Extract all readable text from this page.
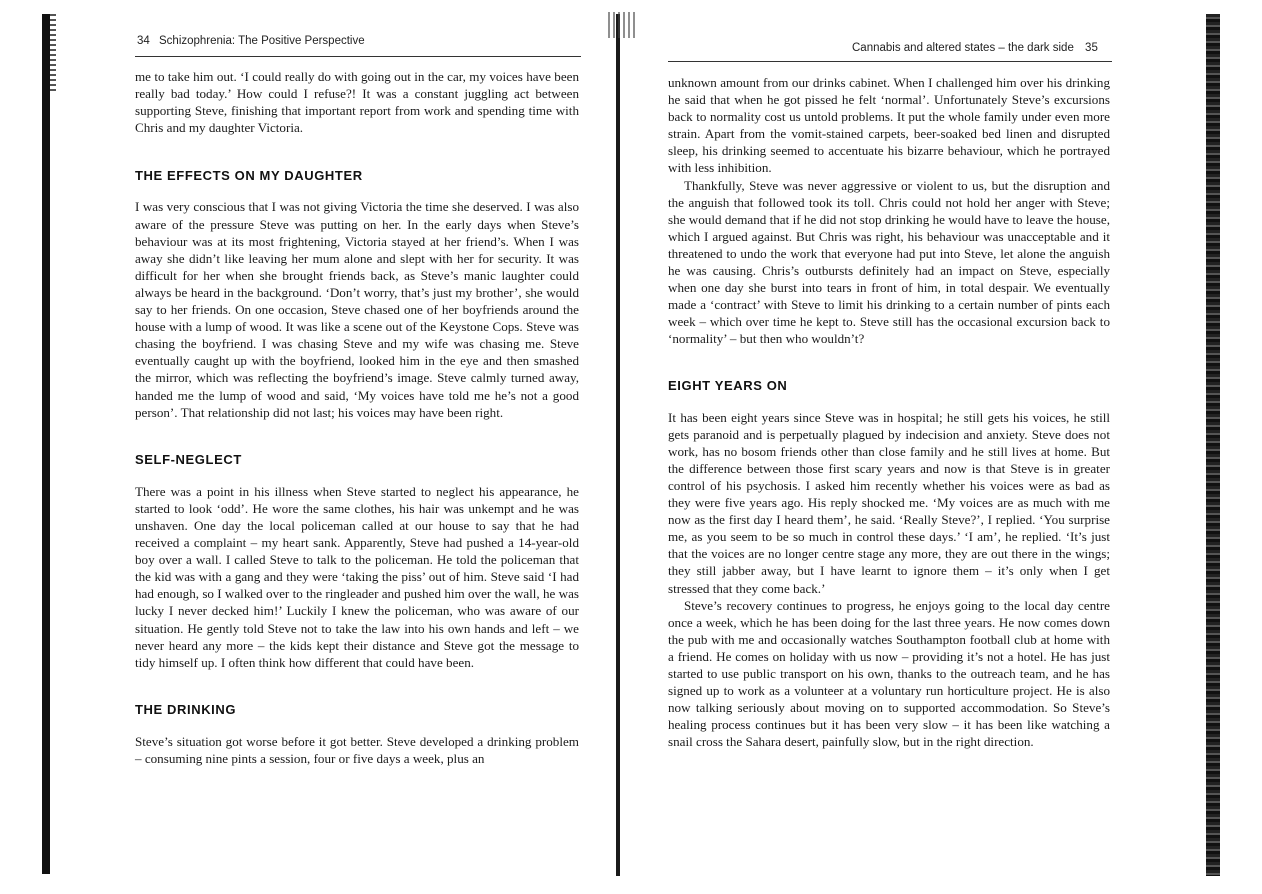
34 Schizophrenia: The Positive Perspective

me to take him out. ‘I could really do with going out in the car, my voices have been really bad today.’ How could I refuse?! It was a constant juggling act between supporting Steve, finishing that important report from work and spending time with Chris and my daughter Victoria.

THE EFFECTS ON MY DAUGHTER

I was very conscious that I was not giving Victoria the time she deserved. I was also aware of the pressure Steve was putting on her. In the early days when Steve’s behaviour was at its most frightening, Victoria stayed at her friend’s. When I was away she didn’t like leaving her mum alone and slept with her for security. It was difficult for her when she brought friends back, as Steve’s manic laughter could always be heard in the background. ‘Don’t worry, that’s just my brother’, she would say to her friends. On one occasion, Steve chased one of her boyfriends around the house with a lump of wood. It was like a scene out of the Keystone Cops. Steve was chasing the boyfriend. I was chasing Steve and my wife was chasing me. Steve eventually caught up with the boyfriend, looked him in the eye and then smashed the mirror, which was reflecting the boyfriend’s image. Steve calmly turned away, handed me the lump of wood and said, ‘My voices have told me he’s not a good person’. That relationship did not last; his voices may have been right.

SELF-NEGLECT

There was a point in his illness when Steve started to neglect his appearance, he started to look ‘odd’. He wore the same clothes, his hair was unkempt and he was unshaven. One day the local policeman called at our house to say that he had received a complaint – my heart sank. Apparently, Steve had pushed a 14-year-old boy over a wall. I called Steve to talk to the policeman. He told the policeman that the kid was with a gang and they were ‘taking the piss’ out of him. Steve said ‘I had had enough, so I walked over to the ringleader and pushed him over the wall, he was lucky I never decked him!’ Luckily I knew the policeman, who was aware of our situation. He gently told Steve not to take the law into his own hands and left – we never heard any more – the kids kept their distance and Steve got the message to tidy himself up. I often think how different that could have been.

THE DRINKING

Steve’s situation got worse before it got better. Steve developed a drinking problem – consuming nine pints a session, four or five days a week, plus an

Cannabis and altered states – the dark side 35

unknown amount from our drinks cabinet. When I challenged him over his drinking he said that when he got pissed he felt ‘normal’. Unfortunately Steve’s excursions back to normality cost us untold problems. It put the whole family under even more strain. Apart from the vomit-stained carpets, beer-soaked bed linen and disrupted sleep, his drinking seemed to accentuate his bizarre behaviour, which he portrayed with less inhibition.

Thankfully, Steve was never aggressive or violent to us, but the disruption and the anguish that followed took its toll. Chris could not hold her anger with Steve; she would demand that if he did not stop drinking he would have to leave the house, which I argued against. But Chris was right, his behaviour was unacceptable and it threatened to undo the work that everyone had put into Steve, let alone the anguish he was causing. Chris’s outbursts definitely had an impact on Steve, especially when one day she burst into tears in front of him, in total despair. We eventually made a ‘contract’ with Steve to limit his drinking to a certain number of pints each week – which over time he kept to. Steve still has the occasional excursion back to ‘normality’ – but then who wouldn’t?

EIGHT YEARS ON

It has been eight years since Steve was in hospital; he still gets his voices, he still gets paranoid and is perpetually plagued by indecision and anxiety. Steve does not work, has no bosom friends other than close family and he still lives at home. But the difference between those first scary years and now is that Steve is in greater control of his psychosis. I asked him recently whether his voices were as bad as they were five years ago. His reply shocked me. ‘My voices are as much with me now as the first day I heard them’, he said. ‘Really Steve?’, I replied. ‘You surprise me, as you seem to be so much in control these days.’ ‘I am’, he replied. ‘It’s just that the voices are no longer centre stage any more, they are out there in the wings; they still jabber away, but I have learnt to ignore them – it’s only when I get stressed that they come back.’

Steve’s recovery continues to progress, he enjoys going to the local day centre once a week, which he has been doing for the last three years. He now comes down the pub with me and occasionally watches Southampton football club at home with a friend. He comes on holiday with us now – providing it’s not a hotel. He has just started to use public transport on his own, thanks to the outreach team, and he has signed up to work as a volunteer at a voluntary run horticulture project. He is also now talking seriously about moving on to supported accommodation. So Steve’s healing process continues but it has been very slow – it has been like watching a snail cross the Sahara desert, painfully slow, but in the right direction.
